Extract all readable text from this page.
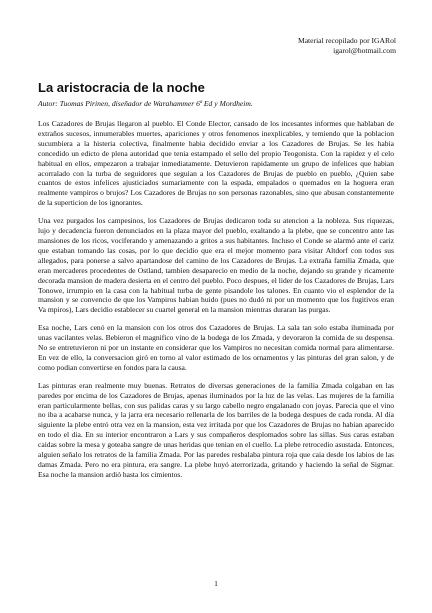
Material recopilado por IGARol
igarol@hotmail.com
La aristocracia de la noche
Autor: Tuomas Pirinen, diseñador de Warahammer 6ª Ed y Mordheim.

Los Cazadores de Brujas llegaron al pueblo. El Conde Elector, cansado de los incesantes informes que hablaban de extraños sucesos, innumerables muertes, apariciones y otros fenomenos inexplicables, y temiendo que la poblacion sucumbiera a la histeria colectiva, finalmente habia decidido enviar a los Cazadores de Brujas. Se les habia concedido un edicto de plena autoridad que tenia estampado el sello del propio Teogonista. Con la rapidez y el celo habitual en ellos, empezaron a trabajar inmediatamente. Detuvieron rapidamente un grupo de infelices que habian acorralado con la turba de seguidores que seguian a los Cazadores de Brujas de pueblo en pueblo, ¿Quien sabe cuantos de estos infelices ajusticiados sumariamente con la espada, empalados o quemados en la hoguera eran realmente vampiros o brujos? Los Cazadores de Brujas no son personas razonables, sino que abusan constantemente de la superticion de los ignorantes.

Una vez purgados los campesinos, los Cazadores de Brujas dedicaron toda su atencion a la nobleza. Sus riquezas, lujo y decadencia fueron denunciados en la plaza mayor del pueblo, exaltando a la plebe, que se concentro ante las mansiones de los ricos, vociferando y amenazando a gritos a sus habitantes. Incluso el Conde se alarmó ante el cariz que estaban tomando las cosas, por lo que decidio que era el mejor momento para visitar Altdorf con todos sus allegados, para ponerse a salvo apartandose del camino de los Cazadores de Brujas. La extraña familia Zmada, que eran mercaderes procedentes de Ostland, tambien desaparecio en medio de la noche, dejando su grande y ricamente decorada mansion de madera desierta en el centro del pueblo. Poco despues, el lider de los Cazadores de Brujas, Lars Tonowe, irrumpio en la casa con la habitual turba de gente pisandole los talones. En cuanto vio el esplendor de la mansion y se convencio de que los Vampiros habian huido (pues no dudó ni por un momento que los fugitivos eran Va mpiros), Lars decidio establecer su cuartel general en la mansion mientras duraran las purgas.

Esa noche, Lars cenó en la mansion con los otros dos Cazadores de Brujas. La sala tan solo estaba iluminada por unas vacilantes velas. Bebieron el magnifico vino de la bodega de los Zmada, y devoraron la comida de su despensa. No se entretuvieron ni por un instante en considerar que los Vampiros no necesitan comida normal para alimentarse. En vez de ello, la conversacion giró en torno al valor estimado de los ornamentos y las pinturas del gran salon, y de como podian convertirse en fondos para la causa.

Las pinturas eran realmente muy buenas. Retratos de diversas generaciones de la familia Zmada colgaban en las paredes por encima de los Cazadores de Brujas, apenas iluminados por la luz de las velas. Las mujeres de la familia eran particularmente bellas, con sus palidas caras y su largo cabello negro engalanado con joyas. Parecia que el vino no iba a acabarse nunca, y la jarra era necesario rellenarla de los barriles de la bodega despues de cada ronda. Al día siguiente la plebe entró otra vez en la mansion, esta vez irritada por que los Cazadores de Brujas no habian aparecido en todo el dia. En su interior encontraron a Lars y sus compañeros desplomados sobre las sillas. Sus caras estaban caidas sobre la mesa y goteaba sangre de unas heridas que tenian en el cuello. La plebe retrocedio asustada. Entonces, alguien señalo los retratos de la familia Zmada. Por las paredes resbalaba pintura roja que caia desde los labios de las damas Zmada. Pero no era pintura, era sangre. La plebe huyó aterrorizada, gritando y haciendo la señal de Sigmar. Esa noche la mansion ardió hasta los cimientos.

1
